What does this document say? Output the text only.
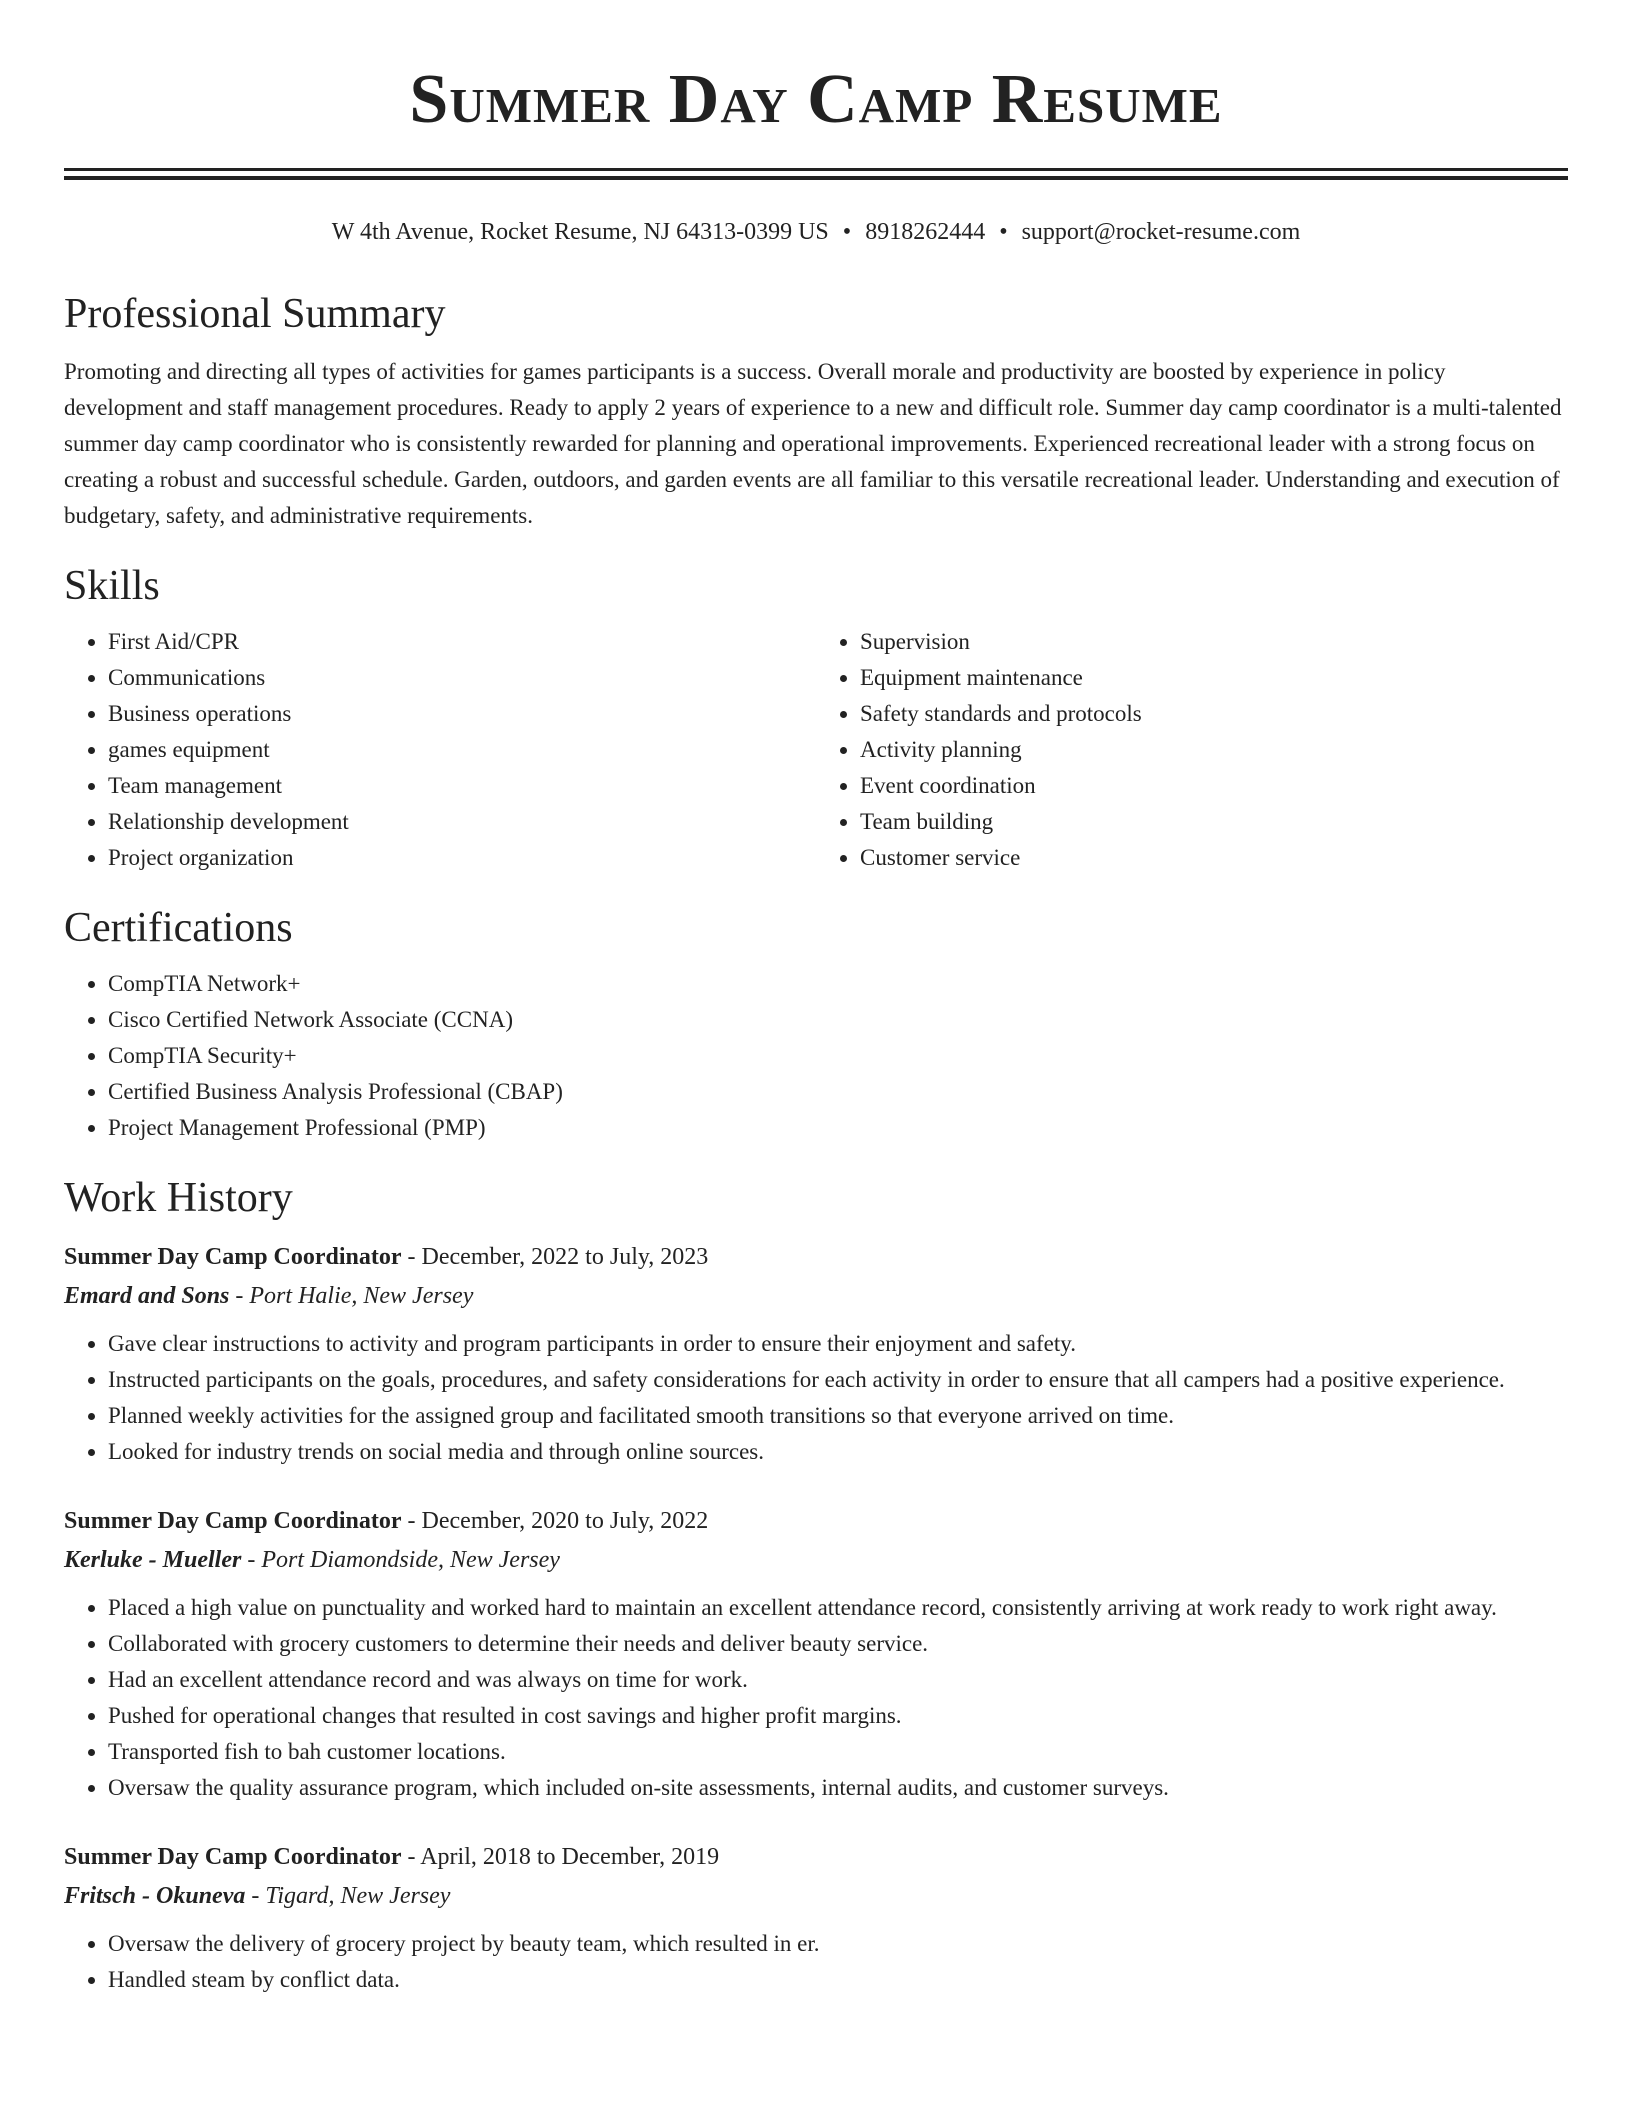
Summer Day Camp Resume
W 4th Avenue, Rocket Resume, NJ 64313-0399 US • 8918262444 • support@rocket-resume.com
Professional Summary

Promoting and directing all types of activities for games participants is a success. Overall morale and productivity are boosted by experience in policy development and staff management procedures. Ready to apply 2 years of experience to a new and difficult role. Summer day camp coordinator is a multi-talented summer day camp coordinator who is consistently rewarded for planning and operational improvements. Experienced recreational leader with a strong focus on creating a robust and successful schedule. Garden, outdoors, and garden events are all familiar to this versatile recreational leader. Understanding and execution of budgetary, safety, and administrative requirements.

Skills
• First Aid/CPR
• Communications
• Business operations
• games equipment
• Team management
• Relationship development
• Project organization
• Supervision
• Equipment maintenance
• Safety standards and protocols
• Activity planning
• Event coordination
• Team building
• Customer service
Certifications
• CompTIA Network+
• Cisco Certified Network Associate (CCNA)
• CompTIA Security+
• Certified Business Analysis Professional (CBAP)
• Project Management Professional (PMP)
Work History
Summer Day Camp Coordinator - December, 2022 to July, 2023
Emard and Sons - Port Halie, New Jersey
• Gave clear instructions to activity and program participants in order to ensure their enjoyment and safety.
• Instructed participants on the goals, procedures, and safety considerations for each activity in order to ensure that all campers had a positive experience.
• Planned weekly activities for the assigned group and facilitated smooth transitions so that everyone arrived on time.
• Looked for industry trends on social media and through online sources.
Summer Day Camp Coordinator - December, 2020 to July, 2022
Kerluke - Mueller - Port Diamondside, New Jersey
• Placed a high value on punctuality and worked hard to maintain an excellent attendance record, consistently arriving at work ready to work right away.
• Collaborated with grocery customers to determine their needs and deliver beauty service.
• Had an excellent attendance record and was always on time for work.
• Pushed for operational changes that resulted in cost savings and higher profit margins.
• Transported fish to bah customer locations.
• Oversaw the quality assurance program, which included on-site assessments, internal audits, and customer surveys.
Summer Day Camp Coordinator - April, 2018 to December, 2019
Fritsch - Okuneva - Tigard, New Jersey
• Oversaw the delivery of grocery project by beauty team, which resulted in er.
• Handled steam by conflict data.
